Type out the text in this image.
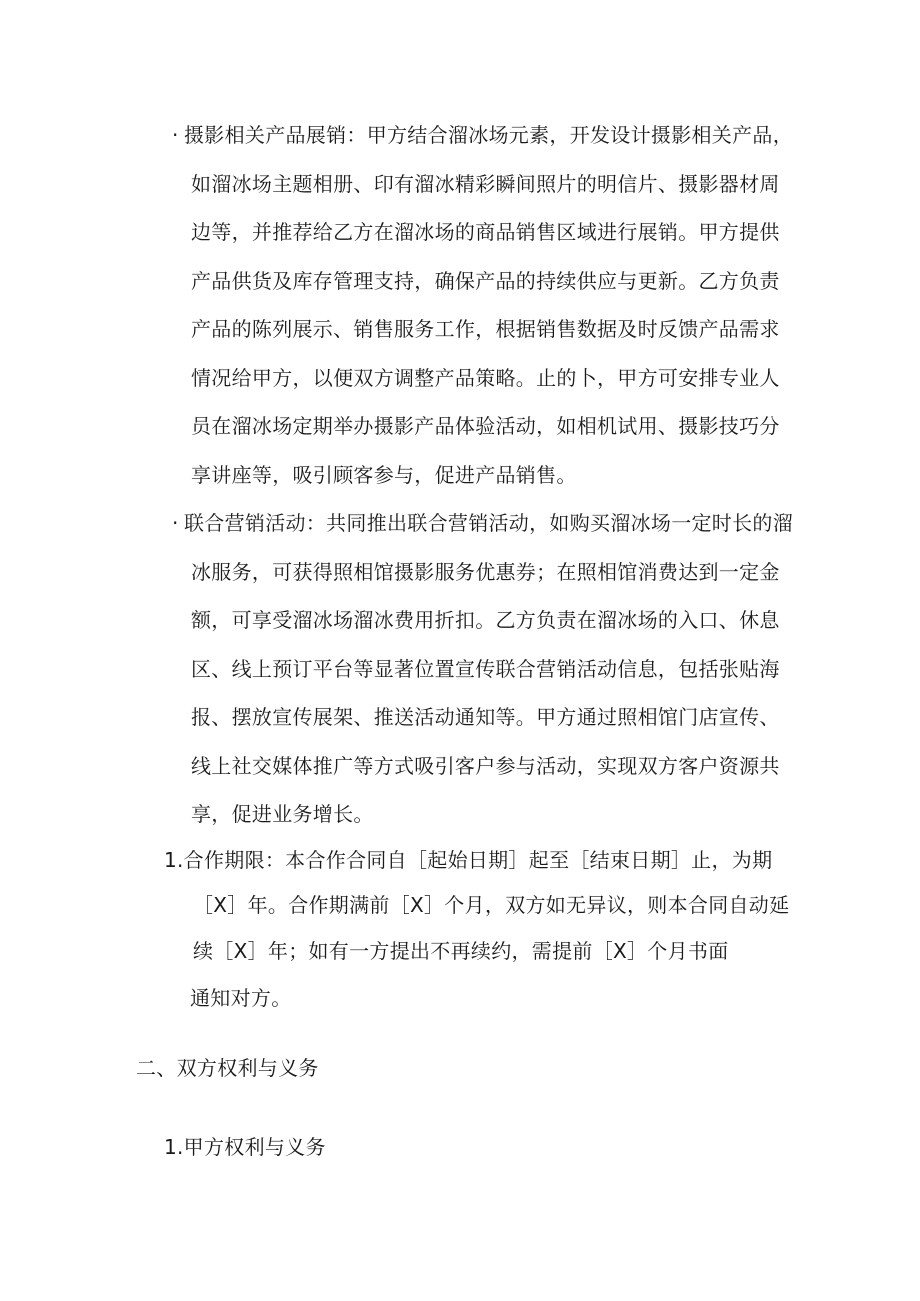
· 摄影相关产品展销：甲方结合溜冰场元素，开发设计摄影相关产品，
如溜冰场主题相册、印有溜冰精彩瞬间照片的明信片、摄影器材周
边等，并推荐给乙方在溜冰场的商品销售区域进行展销。甲方提供
产品供货及库存管理支持，确保产品的持续供应与更新。乙方负责
产品的陈列展示、销售服务工作，根据销售数据及时反馈产品需求
情况给甲方，以便双方调整产品策略。止的卜，甲方可安排专业人
员在溜冰场定期举办摄影产品体验活动，如相机试用、摄影技巧分
享讲座等，吸引顾客参与，促进产品销售。
· 联合营销活动：共同推出联合营销活动，如购买溜冰场一定时长的溜
冰服务，可获得照相馆摄影服务优惠券；在照相馆消费达到一定金
额，可享受溜冰场溜冰费用折扣。乙方负责在溜冰场的入口、休息
区、线上预订平台等显著位置宣传联合营销活动信息，包括张贴海
报、摆放宣传展架、推送活动通知等。甲方通过照相馆门店宣传、
线上社交媒体推广等方式吸引客户参与活动，实现双方客户资源共
享，促进业务增长。
1.合作期限：本合作合同自［起始日期］起至［结束日期］止，为期
［X］年。合作期满前［X］个月，双方如无异议，则本合同自动延
续［X］年；如有一方提出不再续约，需提前［X］个月书面
通知对方。
二、双方权利与义务
1.甲方权利与义务
